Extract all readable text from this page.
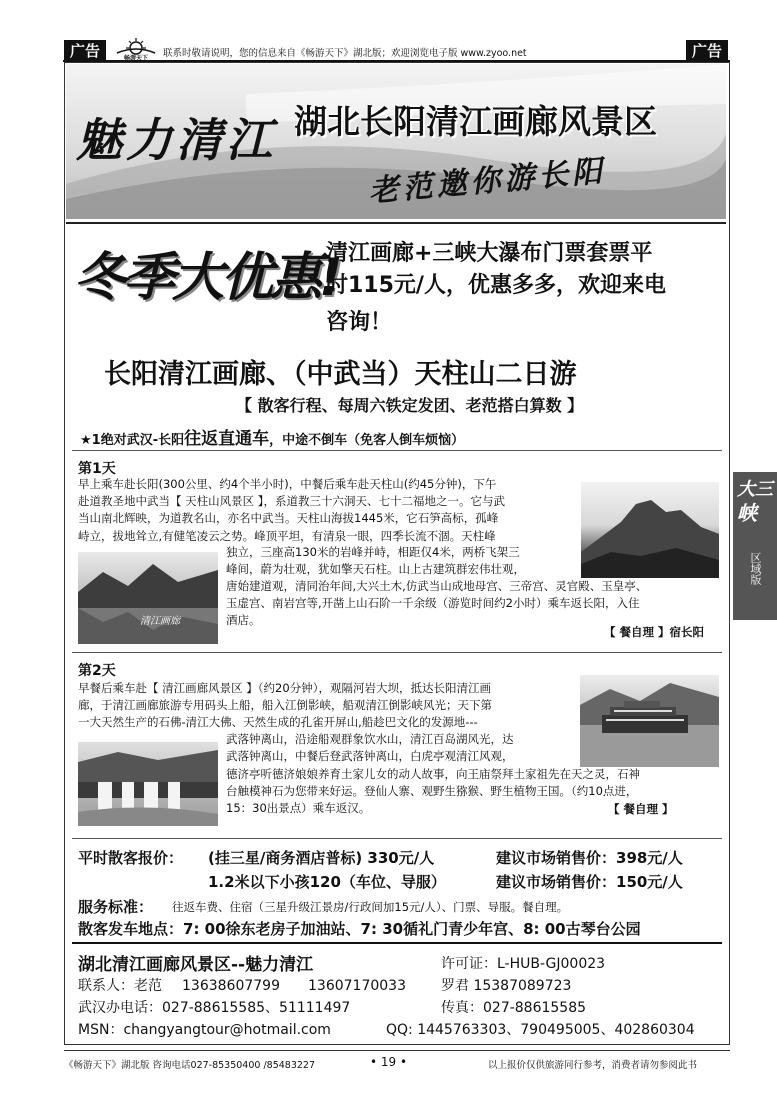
广告	畅游天下	联系时敬请说明，您的信息来自《畅游天下》湖北版；欢迎浏览电子版 www.zyoo.net	广告
魅力清江 湖北长阳清江画廊风景区
老范邀你游长阳
冬季大优惠!
清江画廊+三峡大瀑布门票套票平
时115元/人，优惠多多，欢迎来电
咨询！
长阳清江画廊、（中武当）天柱山二日游
【 散客行程、每周六铁定发团、老范搭白算数 】
★1绝对武汉-长阳往返直通车，中途不倒车（免客人倒车烦恼）
第1天
早上乘车赴长阳(300公里、约4个半小时)，中餐后乘车赴天柱山(约45分钟)，下午
赴道教圣地中武当【 天柱山风景区 】，系道教三十六洞天、七十二福地之一。它与武
当山南北辉映，为道教名山，亦名中武当。天柱山海拔1445米，它石笋高标，孤峰
峙立，拔地耸立,有健笔凌云之势。峰顶平坦，有清泉一眼，四季长流不涸。天柱峰
清江画廊
独立，三座高130米的岩峰并峙，相距仅4米，两桥飞架三
峰间，蔚为壮观，犹如擎天石柱。山上古建筑群宏伟壮观，
唐始建道观，清同治年间,大兴土木,仿武当山成地母宫、三帝宫、灵官殿、玉皇亭、
玉虚宫、南岩宫等,开凿上山石阶一千余级（游览时间约2小时）乘车返长阳，入住
酒店。
【 餐自理 】宿长阳
第2天
早餐后乘车赴【 清江画廊风景区 】（约20分钟），观隔河岩大坝，抵达长阳清江画
廊，于清江画廊旅游专用码头上船，船入江倒影峡，船观清江倒影峡风光；天下第
一大天然生产的石佛-清江大佛、天然生成的孔雀开屏山,船趁巴文化的发源地---
武落钟离山，沿途船观群象饮水山，清江百岛湖风光，达
武落钟离山，中餐后登武落钟离山，白虎亭观清江风观，
德济亭听德济娘娘养育土家儿女的动人故事，向王庙祭拜土家祖先在天之灵，石神
台触模神石为您带来好运。登仙人寨、观野生猕猴、野生植物王国。（约10点进，
15：30出景点）乘车返汉。	【 餐自理 】
平时散客报价： (挂三星/商务酒店普标) 330元/人	建议市场销售价：398元/人
1.2米以下小孩120（车位、导服）	建议市场销售价：150元/人
服务标准： 往返车费、住宿（三星升级江景房/行政间加15元/人）、门票、导服。餐自理。
散客发车地点：7: 00徐东老房子加油站、7: 30循礼门青少年宫、8: 00古琴台公园
湖北清江画廊风景区--魅力清江	许可证：L-HUB-GJ00023
联系人：老范 13638607799 13607170033	罗君 15387089723
武汉办电话：027-88615585、51111497	传真：027-88615585
MSN：changyangtour@hotmail.com	QQ: 1445763303、790495005、402860304
大三
峡
区域版
《畅游天下》湖北版 咨询电话027-85350400 /85483227	• 19 •	以上报价仅供旅游同行参考，消费者请勿参阅此书
